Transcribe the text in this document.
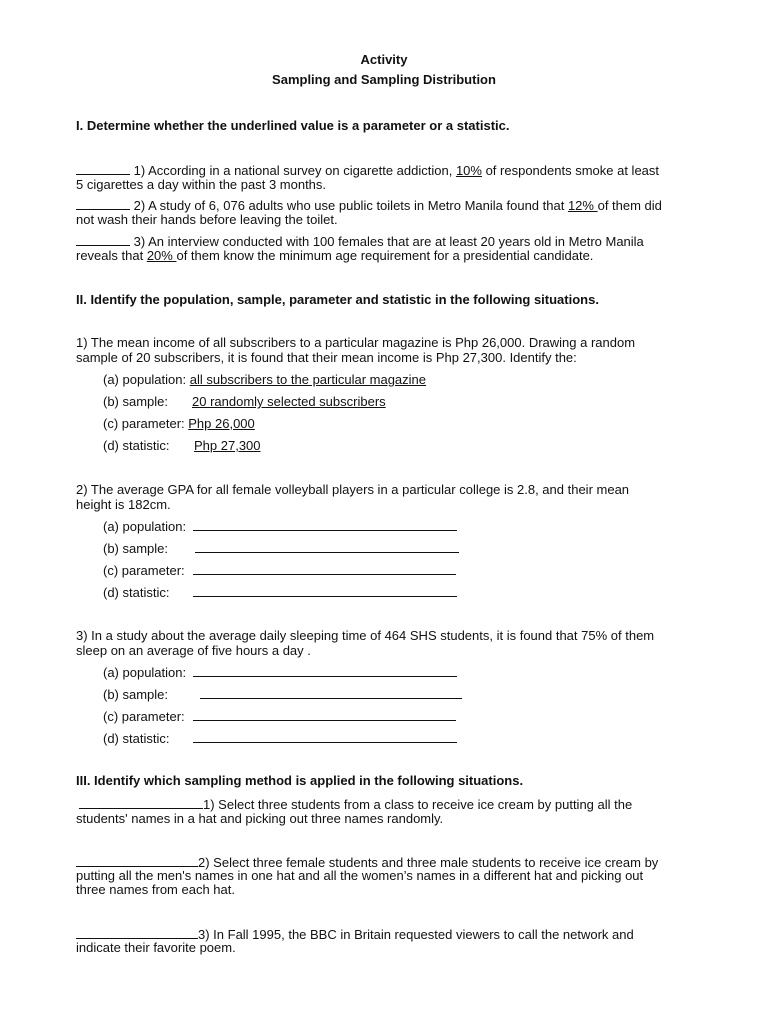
Activity
Sampling and Sampling Distribution
I. Determine whether the underlined value is a parameter or a statistic.
1) According in a national survey on cigarette addiction, 10% of respondents smoke at least
5 cigarettes a day within the past 3 months.
2) A study of 6, 076 adults who use public toilets in Metro Manila found that 12% of them did
not wash their hands before leaving the toilet.
3) An interview conducted with 100 females that are at least 20 years old in Metro Manila
reveals that 20% of them know the minimum age requirement for a presidential candidate.
II. Identify the population, sample, parameter and statistic in the following situations.
1) The mean income of all subscribers to a particular magazine is Php 26,000. Drawing a random
sample of 20 subscribers, it is found that their mean income is Php 27,300. Identify the:
(a) population: all subscribers to the particular magazine
(b) sample: 20 randomly selected subscribers
(c) parameter: Php 26,000
(d) statistic: Php 27,300
2) The average GPA for all female volleyball players in a particular college is 2.8, and their mean
height is 182cm.
(a) population:
(b) sample:
(c) parameter:
(d) statistic:
3) In a study about the average daily sleeping time of 464 SHS students, it is found that 75% of them
sleep on an average of five hours a day .
(a) population:
(b) sample:
(c) parameter:
(d) statistic:
III. Identify which sampling method is applied in the following situations.
1) Select three students from a class to receive ice cream by putting all the
students' names in a hat and picking out three names randomly.
2) Select three female students and three male students to receive ice cream by
putting all the men's names in one hat and all the women’s names in a different hat and picking out
three names from each hat.
3) In Fall 1995, the BBC in Britain requested viewers to call the network and
indicate their favorite poem.
